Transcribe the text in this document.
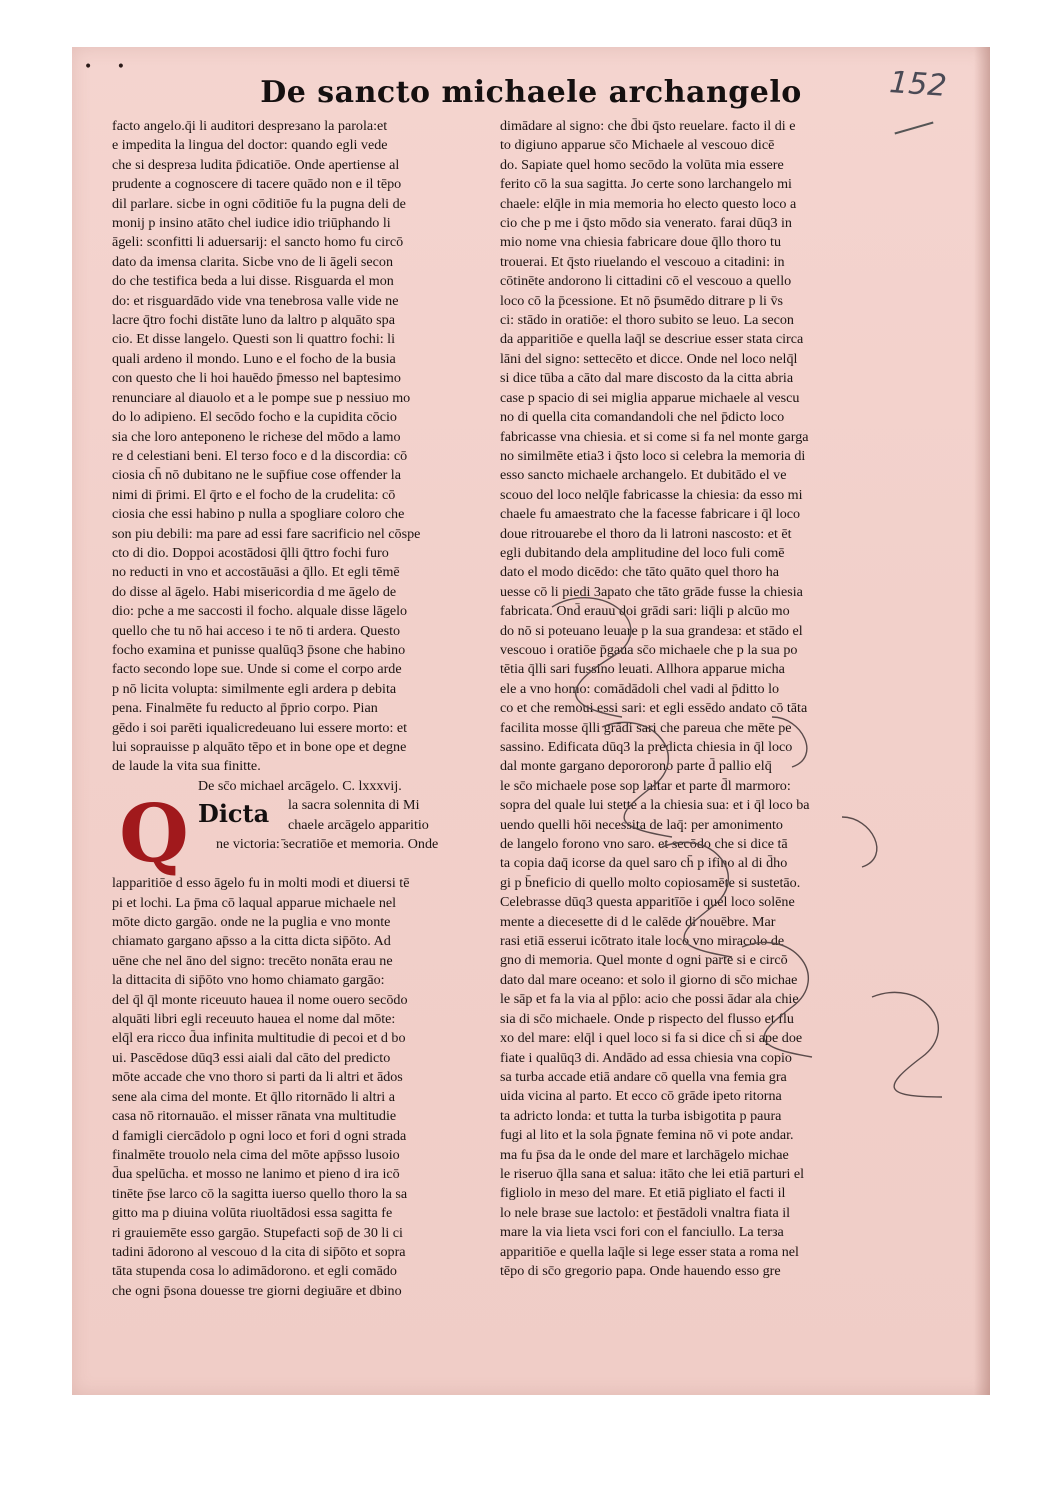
• •	152
De sancto michaele archangelo
facto angelo.q̄i li auditori despreзano la parola:et
e impedita la lingua del doctor: quando egli vede
che si despreзa ludita p̄dicatiōe. Onde apertiense al
prudente a cognoscere di tacere quādo non e il tēpo
dil parlare. sicbe in ogni cōditiōe fu la pugna deli de
monij p insino atāto chel iudice idio triūphando li
āgeli: sconfitti li aduersarij: el sancto homo fu circō
dato da imensa clarita. Sicbe vno de li āgeli secon
do che testifica beda a lui disse. Risguarda el mon
do: et risguardādo vide vna tenebrosa valle vide ne
lacre q̄tro fochi distāte luno da laltro p alquāto spa
cio. Et disse langelo. Questi son li quattro fochi: li
quali ardeno il mondo. Luno e el focho de la busia
con questo che li hoi hauēdo p̄messo nel baptesimo
renunciare al diauolo et a le pompe sue p nessiuo mo
do lo adipieno. El secōdo focho e la cupidita cōcio
sia che loro anteponeno le richeзe del mōdo a lamo
re d celestiani beni. El terзo foco e d la discordia: cō
ciosia ch̄ nō dubitano ne le sup̄fiue cose offender la
nimi di p̄rimi. El q̄rto e el focho de la crudelita: cō
ciosia che essi habino p nulla a spogliare coloro che
son piu debili: ma pare ad essi fare sacrificio nel cōspe
cto di dio. Doppoi acostādosi q̄lli q̄ttro fochi furo
no reducti in vno et accostāuāsi a q̄llo. Et egli tēmē
do disse al āgelo. Habi misericordia d me āgelo de
dio: pche a me saccosti il focho. alquale disse lāgelo
quello che tu nō hai acceso i te nō ti ardera. Questo
focho examina et punisse qualūq3 p̄sone che habino
facto secondo lope sue. Unde si come el corpo arde
p nō licita volupta: similmente egli ardera p debita
pena. Finalmēte fu reducto al p̄prio corpo. Pian
gēdo i soi parēti iqualicredeuano lui essere morto: et
lui soprauisse p alquāto tēpo et in bone ope et degne
de laude la vita sua finitte.
De sc̄o michael arcāgelo. C. lxxxvij.
Q Dicta la sacra solennita di Mi
chaele arcāgelo apparitio
ne victoria: ̄secratiōe et memoria. Onde
lapparitiōe d esso āgelo fu in molti modi et diuersi tē
pi et lochi. La p̄ma cō laqual apparue michaele nel
mōte dicto gargāo. onde ne la puglia e vno monte
chiamato gargano ap̄sso a la citta dicta sip̄ōto. Ad
uēne che nel āno del signo: trecēto nonāta erau ne
la dittacita di sip̄ōto vno homo chiamato gargāo:
del q̄l q̄l monte riceuuto hauea il nome ouero secōdo
alquāti libri egli receuuto hauea el nome dal mōte:
elq̄l era ricco d̄ua infinita multitudie di pecoi et d bo
ui. Pascēdose dūq3 essi aiali dal cāto del predicto
mōte accade che vno thoro si parti da li altri et ādos
sene ala cima del monte. Et q̄llo ritornādo li altri a
casa nō ritornauāo. el misser rānata vna multitudie
d famigli ciercādolo p ogni loco et fori d ogni strada
finalmēte trouolo nela cima del mōte app̄sso lusoio
d̄ua spelūcha. et mosso ne lanimo et pieno d ira icō
tinēte p̄se larco cō la sagitta iuerso quello thoro la sa
gitto ma p diuina volūta riuoltādosi essa sagitta fe
ri grauiemēte esso gargāo. Stupefacti sop̄ de 30 li ci
tadini ādorono al vescouo d la cita di sip̄ōto et sopra
tāta stupenda cosa lo adimādorono. et egli comādo
che ogni p̄sona douesse tre giorni degiuāre et dbino
dimādare al signo: che d̄bi q̄sto reuelare. facto il di e
to digiuno apparue sc̄o Michaele al vescouo dicē
do. Sapiate quel homo secōdo la volūta mia essere
ferito cō la sua sagitta. Jo certe sono larchangelo mi
chaele: elq̄le in mia memoria ho electo questo loco a
cio che p me i q̄sto mōdo sia venerato. farai dūq3 in
mio nome vna chiesia fabricare doue q̄llo thoro tu
trouerai. Et q̄sto riuelando el vescouo a citadini: in
cōtinēte andorono li cittadini cō el vescouo a quello
loco cō la p̄cessione. Et nō p̄sumēdo ditrare p li v̄s
ci: stādo in oratiōe: el thoro subito se leuo. La secon
da apparitiōe e quella laq̄l se descriue esser stata circa
lāni del signo: settecēto et dicce. Onde nel loco nelq̄l
si dice tūba a cāto dal mare discosto da la citta abria
case p spacio di sei miglia apparue michaele al vescu
no di quella cita comandandoli che nel p̄dicto loco
fabricasse vna chiesia. et si come si fa nel monte garga
no similmēte etia3 i q̄sto loco si celebra la memoria di
esso sancto michaele archangelo. Et dubitādo el ve
scouo del loco nelq̄le fabricasse la chiesia: da esso mi
chaele fu amaestrato che la facesse fabricare i q̄l loco
doue ritrouarebe el thoro da li latroni nascosto: et ēt
egli dubitando dela amplitudine del loco fuli comē
dato el modo dicēdo: che tāto quāto quel thoro ha
uesse cō li piedi 3apato che tāto grāde fusse la chiesia
fabricata. Ond̄ erauu doi grādi sari: liq̄li p alcūo mo
do nō si poteuano leuare p la sua grandeзa: et stādo el
vescouo i oratiōe p̄gaua sc̄o michaele che p la sua po
tētia q̄lli sari fussino leuati. Allhora apparue micha
ele a vno homo: comādādoli chel vadi al p̄ditto lo
co et che remoui essi sari: et egli essēdo andato cō tāta
facilita mosse q̄lli grādi sari che pareua che mēte pe
sassino. Edificata dūq3 la predicta chiesia in q̄l loco
dal monte gargano depororono parte d̄ pallio elq̄
le sc̄o michaele pose sop laltar et parte d̄l marmoro:
sopra del quale lui stette a la chiesia sua: et i q̄l loco ba
uendo quelli hōi necessita de laq̄: per amonimento
de langelo forono vno saro. et secōdo che si dice tā
ta copia daq̄ icorse da quel saro ch̄ p ifino al di d̄ho
gi p b̄neficio di quello molto copiosamēte si sustetāo.
Celebrasse dūq3 questa apparitīōe i quel loco solēne
mente a diecesette di d le calēde di nouēbre. Mar
rasi etiā esserui icōtrato itale loco vno miracolo de
gno di memoria. Quel monte d ogni parte si e circō
dato dal mare oceano: et solo il giorno di sc̄o michae
le sāp et fa la via al pp̄lo: acio che possi ādar ala chie
sia di sc̄o michaele. Onde p rispecto del flusso et flu
xo del mare: elq̄l i quel loco si fa si dice ch̄ si ape doe
fiate i qualūq3 di. Andādo ad essa chiesia vna copio
sa turba accade etiā andare cō quella vna femia gra
uida vicina al parto. Et ecco cō grāde ipeto ritorna
ta adricto londa: et tutta la turba isbigotita p paura
fugi al lito et la sola p̄gnate femina nō vi pote andar.
ma fu p̄sa da le onde del mare et larchāgelo michae
le riseruo q̄lla sana et salua: itāto che lei etiā parturi el
figliolo in meзo del mare. Et etiā pigliato el facti il
lo nele braзe sue lactolo: et p̄estādoli vnaltra fiata il
mare la via lieta vsci fori con el fanciullo. La terзa
apparitiōe e quella laq̄le si lege esser stata a roma nel
tēpo di sc̄o gregorio papa. Onde hauendo esso gre
